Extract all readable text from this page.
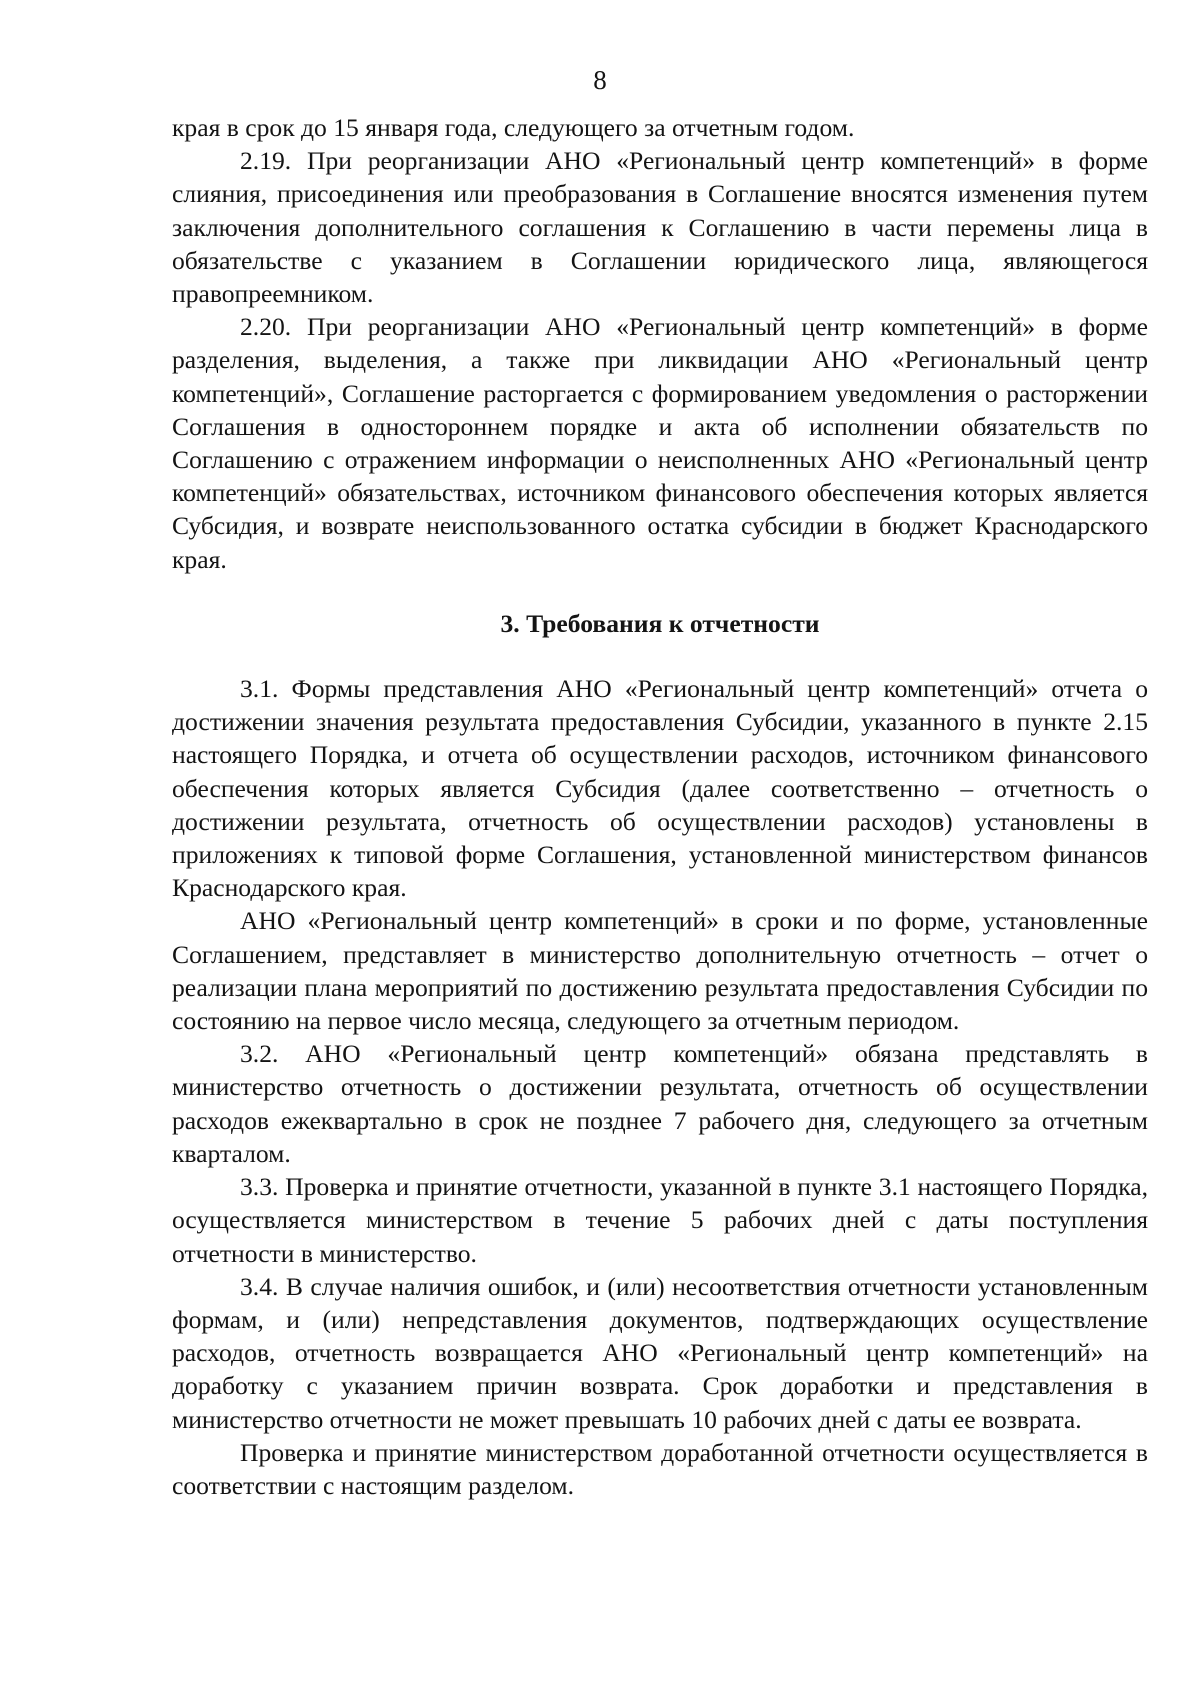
8

края в срок до 15 января года, следующего за отчетным годом.

2.19. При реорганизации АНО «Региональный центр компетенций» в форме слияния, присоединения или преобразования в Соглашение вносятся изменения путем заключения дополнительного соглашения к Соглашению в части перемены лица в обязательстве с указанием в Соглашении юридического лица, являющегося правопреемником.

2.20. При реорганизации АНО «Региональный центр компетенций» в форме разделения, выделения, а также при ликвидации АНО «Региональный центр компетенций», Соглашение расторгается с формированием уведомления о расторжении Соглашения в одностороннем порядке и акта об исполнении обязательств по Соглашению с отражением информации о неисполненных АНО «Региональный центр компетенций» обязательствах, источником финансового обеспечения которых является Субсидия, и возврате неиспользованного остатка субсидии в бюджет Краснодарского края.

3. Требования к отчетности

3.1. Формы представления АНО «Региональный центр компетенций» отчета о достижении значения результата предоставления Субсидии, указанного в пункте 2.15 настоящего Порядка, и отчета об осуществлении расходов, источником финансового обеспечения которых является Субсидия (далее соответственно – отчетность о достижении результата, отчетность об осуществлении расходов) установлены в приложениях к типовой форме Соглашения, установленной министерством финансов Краснодарского края.

АНО «Региональный центр компетенций» в сроки и по форме, установленные Соглашением, представляет в министерство дополнительную отчетность – отчет о реализации плана мероприятий по достижению результата предоставления Субсидии по состоянию на первое число месяца, следующего за отчетным периодом.

3.2. АНО «Региональный центр компетенций» обязана представлять в министерство отчетность о достижении результата, отчетность об осуществлении расходов ежеквартально в срок не позднее 7 рабочего дня, следующего за отчетным кварталом.

3.3. Проверка и принятие отчетности, указанной в пункте 3.1 настоящего Порядка, осуществляется министерством в течение 5 рабочих дней с даты поступления отчетности в министерство.

3.4. В случае наличия ошибок, и (или) несоответствия отчетности установленным формам, и (или) непредставления документов, подтверждающих осуществление расходов, отчетность возвращается АНО «Региональный центр компетенций» на доработку с указанием причин возврата. Срок доработки и представления в министерство отчетности не может превышать 10 рабочих дней с даты ее возврата.

Проверка и принятие министерством доработанной отчетности осуществляется в соответствии с настоящим разделом.
